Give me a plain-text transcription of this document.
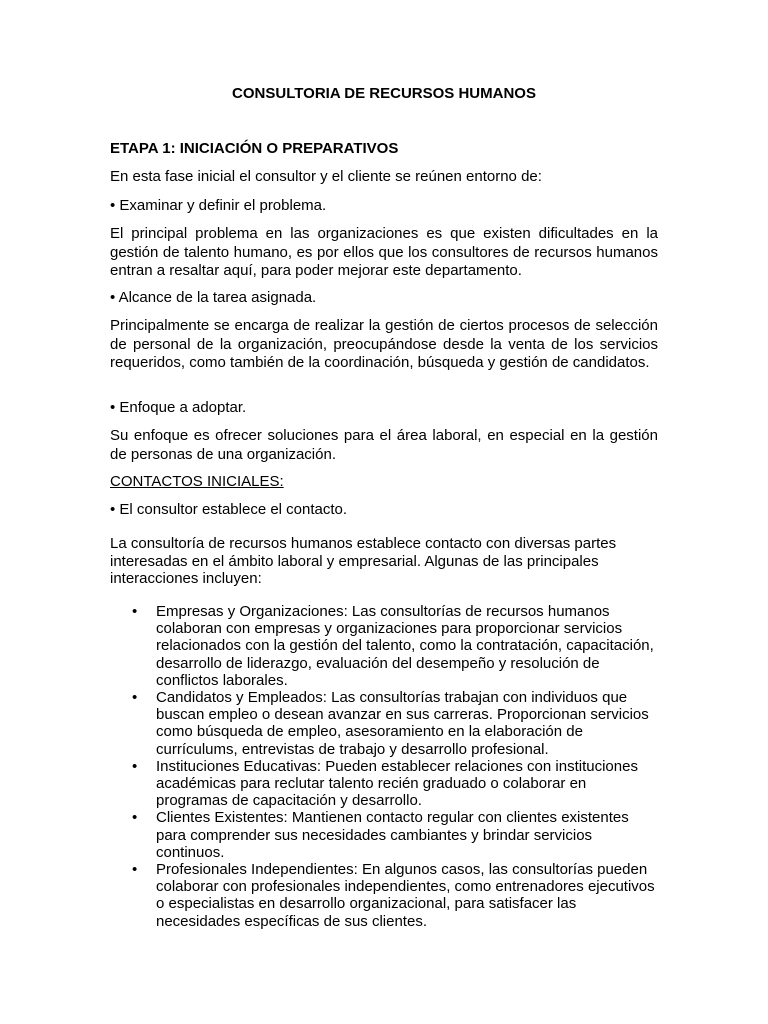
CONSULTORIA DE RECURSOS HUMANOS
ETAPA 1: INICIACIÓN O PREPARATIVOS

En esta fase inicial el consultor y el cliente se reúnen entorno de:

• Examinar y definir el problema.

El principal problema en las organizaciones es que existen dificultades en la gestión de talento humano, es por ellos que los consultores de recursos humanos entran a resaltar aquí, para poder mejorar este departamento.

• Alcance de la tarea asignada.

Principalmente se encarga de realizar la gestión de ciertos procesos de selección de personal de la organización, preocupándose desde la venta de los servicios requeridos, como también de la coordinación, búsqueda y gestión de candidatos.

• Enfoque a adoptar.

Su enfoque es ofrecer soluciones para el área laboral, en especial en la gestión de personas de una organización.

CONTACTOS INICIALES:

• El consultor establece el contacto.

La consultoría de recursos humanos establece contacto con diversas partes interesadas en el ámbito laboral y empresarial. Algunas de las principales interacciones incluyen:

• Empresas y Organizaciones: Las consultorías de recursos humanos colaboran con empresas y organizaciones para proporcionar servicios relacionados con la gestión del talento, como la contratación, capacitación, desarrollo de liderazgo, evaluación del desempeño y resolución de conflictos laborales.
• Candidatos y Empleados: Las consultorías trabajan con individuos que buscan empleo o desean avanzar en sus carreras. Proporcionan servicios como búsqueda de empleo, asesoramiento en la elaboración de currículums, entrevistas de trabajo y desarrollo profesional.
• Instituciones Educativas: Pueden establecer relaciones con instituciones académicas para reclutar talento recién graduado o colaborar en programas de capacitación y desarrollo.
• Clientes Existentes: Mantienen contacto regular con clientes existentes para comprender sus necesidades cambiantes y brindar servicios continuos.
• Profesionales Independientes: En algunos casos, las consultorías pueden colaborar con profesionales independientes, como entrenadores ejecutivos o especialistas en desarrollo organizacional, para satisfacer las necesidades específicas de sus clientes.
